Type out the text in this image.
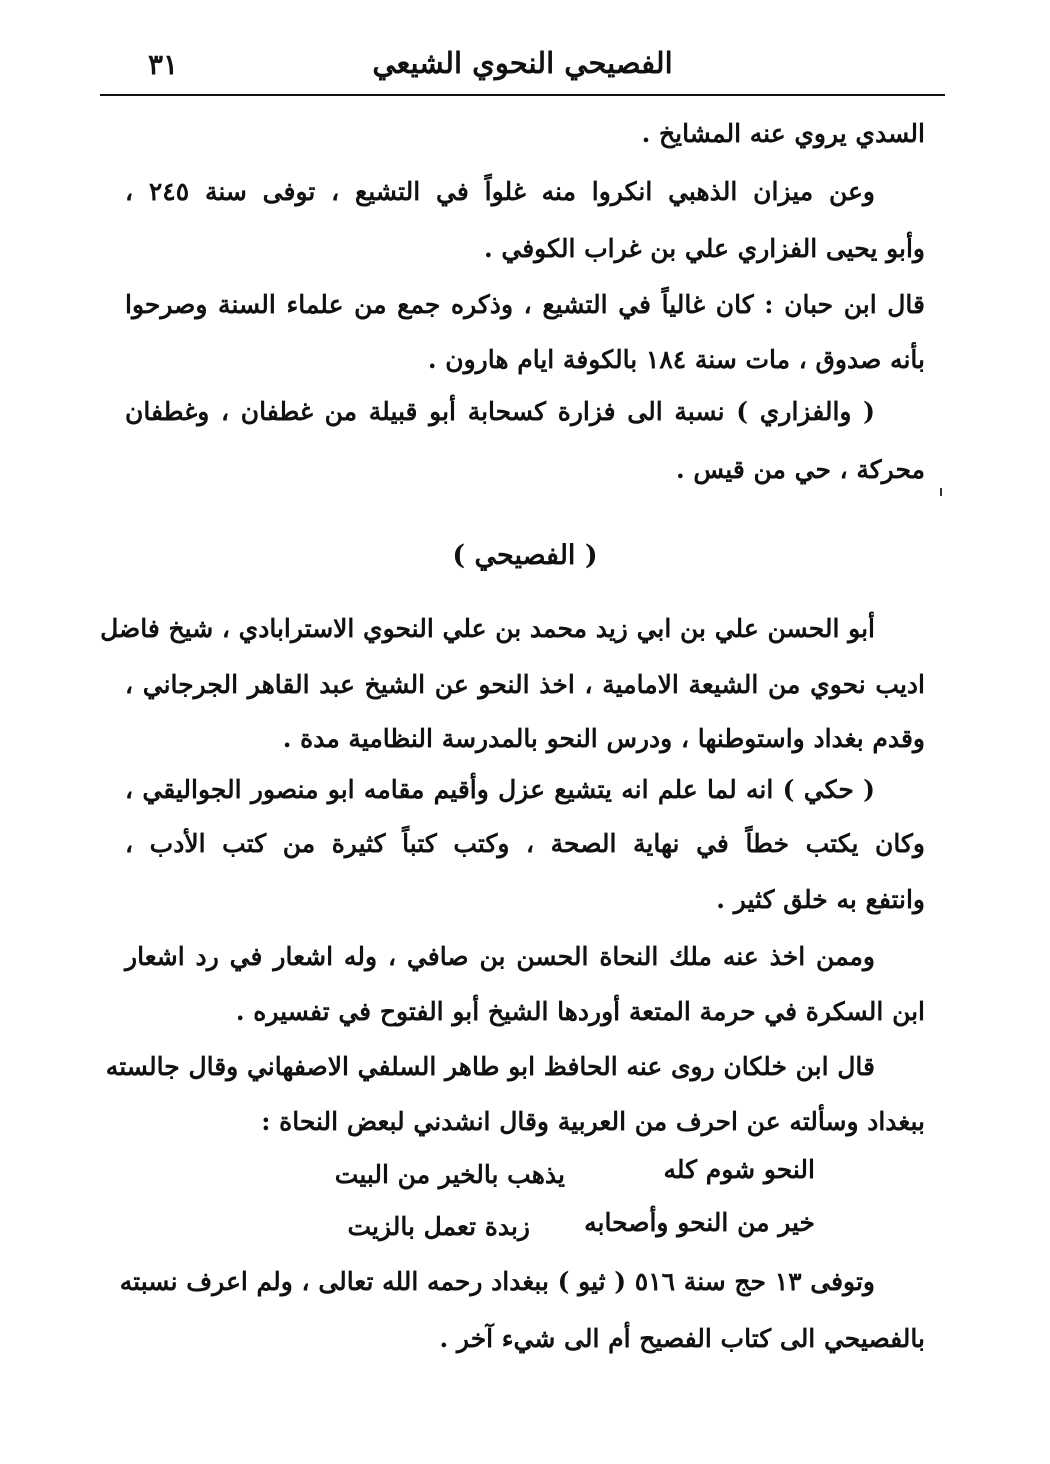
٣١	الفصيحي النحوي الشيعي
السدي يروي عنه المشايخ .
وعن ميزان الذهبي انكروا منه غلواً في التشيع ، توفى سنة ٢٤٥ ،
وأبو يحيى الفزاري علي بن غراب الكوفي .
قال ابن حبان : كان غالياً في التشيع ، وذكره جمع من علماء السنة وصرحوا
بأنه صدوق ، مات سنة ١٨٤ بالكوفة ايام هارون .
( والفزاري ) نسبة الى فزارة كسحابة أبو قبيلة من غطفان ، وغطفان
محركة ، حي من قيس .
( الفصيحي )
أبو الحسن علي بن ابي زيد محمد بن علي النحوي الاسترابادي ، شيخ فاضل
اديب نحوي من الشيعة الامامية ، اخذ النحو عن الشيخ عبد القاهر الجرجاني ،
وقدم بغداد واستوطنها ، ودرس النحو بالمدرسة النظامية مدة .
( حكي ) انه لما علم انه يتشيع عزل وأقيم مقامه ابو منصور الجواليقي ،
وكان يكتب خطاً في نهاية الصحة ، وكتب كتباً كثيرة من كتب الأدب ،
وانتفع به خلق كثير .
وممن اخذ عنه ملك النحاة الحسن بن صافي ، وله اشعار في رد اشعار
ابن السكرة في حرمة المتعة أوردها الشيخ أبو الفتوح في تفسيره .
قال ابن خلكان روى عنه الحافظ ابو طاهر السلفي الاصفهاني وقال جالسته
ببغداد وسألته عن احرف من العربية وقال انشدني لبعض النحاة :
النحو شوم كله
يذهب بالخير من البيت
خير من النحو وأصحابه
زبدة تعمل بالزيت
وتوفى ١٣ حج سنة ٥١٦ ( ثيو ) ببغداد رحمه الله تعالى ، ولم اعرف نسبته
بالفصيحي الى كتاب الفصيح أم الى شيء آخر .
